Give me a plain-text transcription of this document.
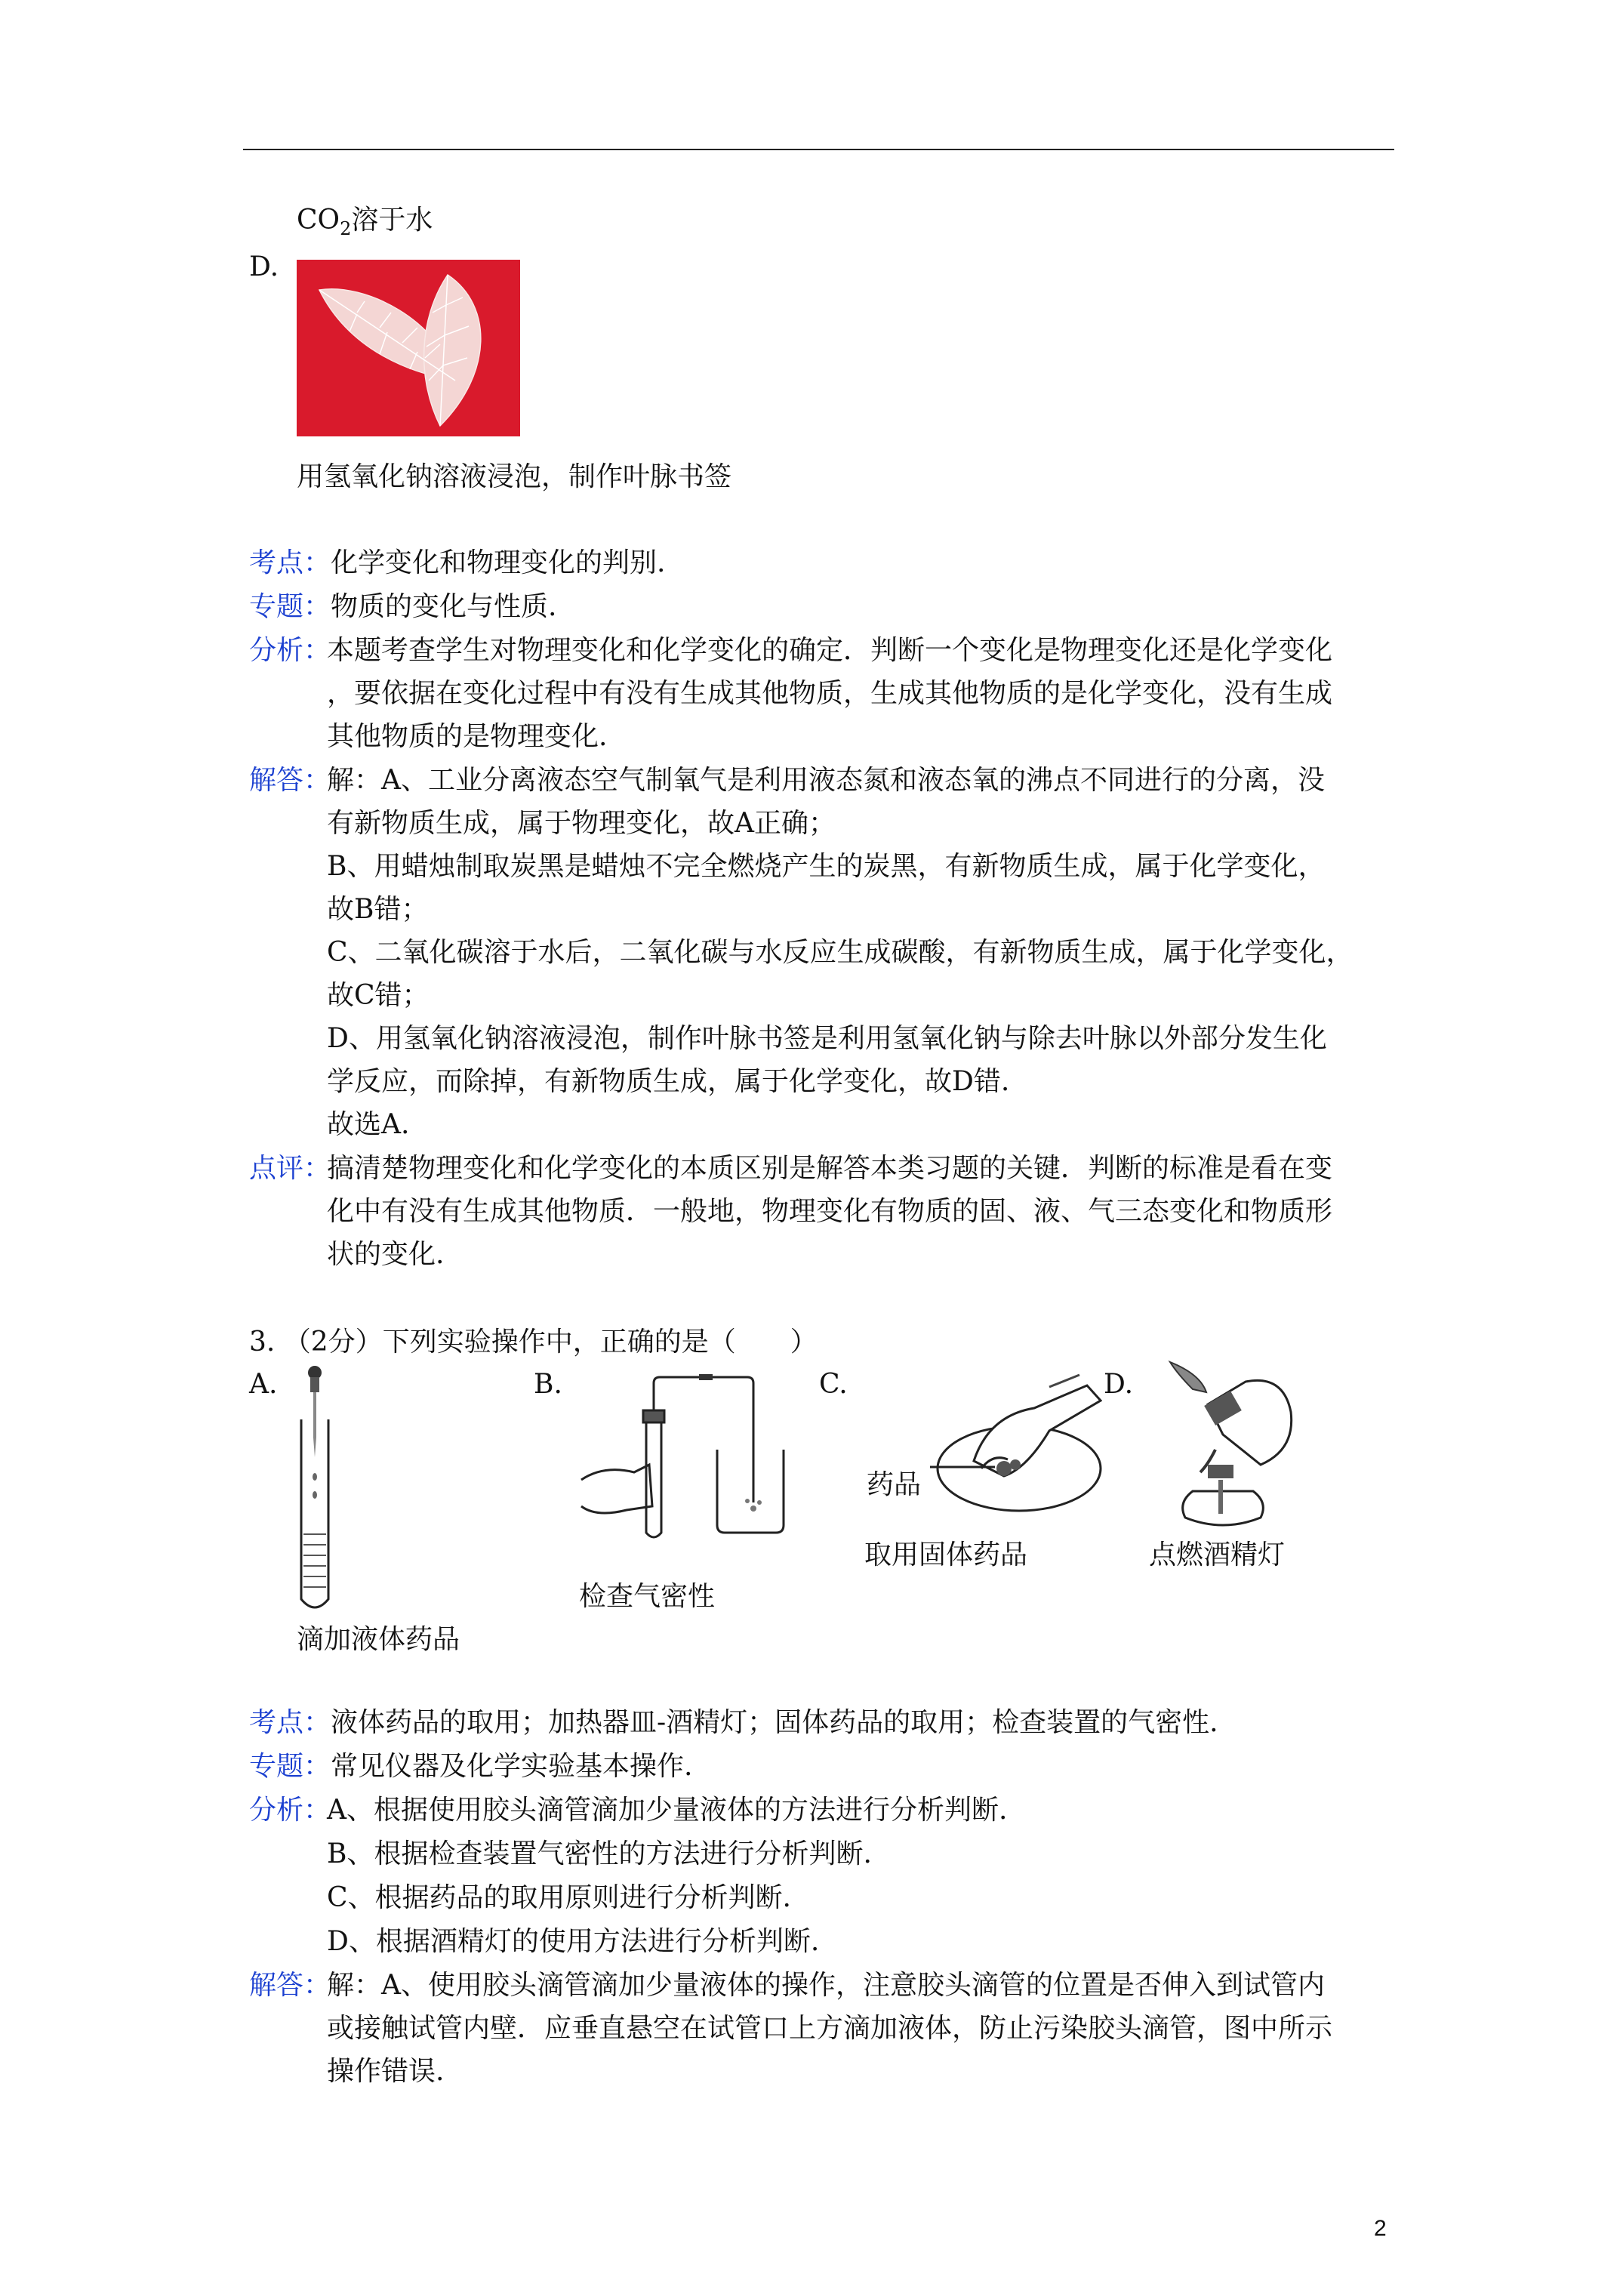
$CO_2$溶于水
D.
用氢氧化钠溶液浸泡，制作叶脉书签
考点：化学变化和物理变化的判别.
专题：物质的变化与性质.
分析：
本题考查学生对物理变化和化学变化的确定．判断一个变化是物理变化还是化学变化
，要依据在变化过程中有没有生成其他物质，生成其他物质的是化学变化，没有生成
其他物质的是物理变化.
解答：
解：A、工业分离液态空气制氧气是利用液态氮和液态氧的沸点不同进行的分离，没
有新物质生成，属于物理变化，故A正确；
B、用蜡烛制取炭黑是蜡烛不完全燃烧产生的炭黑，有新物质生成，属于化学变化，
故B错；
C、二氧化碳溶于水后，二氧化碳与水反应生成碳酸，有新物质生成，属于化学变化，
故C错；
D、用氢氧化钠溶液浸泡，制作叶脉书签是利用氢氧化钠与除去叶脉以外部分发生化
学反应，而除掉，有新物质生成，属于化学变化，故D错.
故选A.
点评：
搞清楚物理变化和化学变化的本质区别是解答本类习题的关键．判断的标准是看在变
化中有没有生成其他物质．一般地，物理变化有物质的固、液、气三态变化和物质形
状的变化.
3. （2分）下列实验操作中，正确的是（　　）
A.	B.	C.	D.
滴加液体药品
检查气密性
药品
取用固体药品	点燃酒精灯
考点：液体药品的取用；加热器皿-酒精灯；固体药品的取用；检查装置的气密性.
专题：常见仪器及化学实验基本操作.
分析：
A、根据使用胶头滴管滴加少量液体的方法进行分析判断.
B、根据检查装置气密性的方法进行分析判断.
C、根据药品的取用原则进行分析判断.
D、根据酒精灯的使用方法进行分析判断.
解答：
解：A、使用胶头滴管滴加少量液体的操作，注意胶头滴管的位置是否伸入到试管内
或接触试管内壁．应垂直悬空在试管口上方滴加液体，防止污染胶头滴管，图中所示
操作错误.
2
